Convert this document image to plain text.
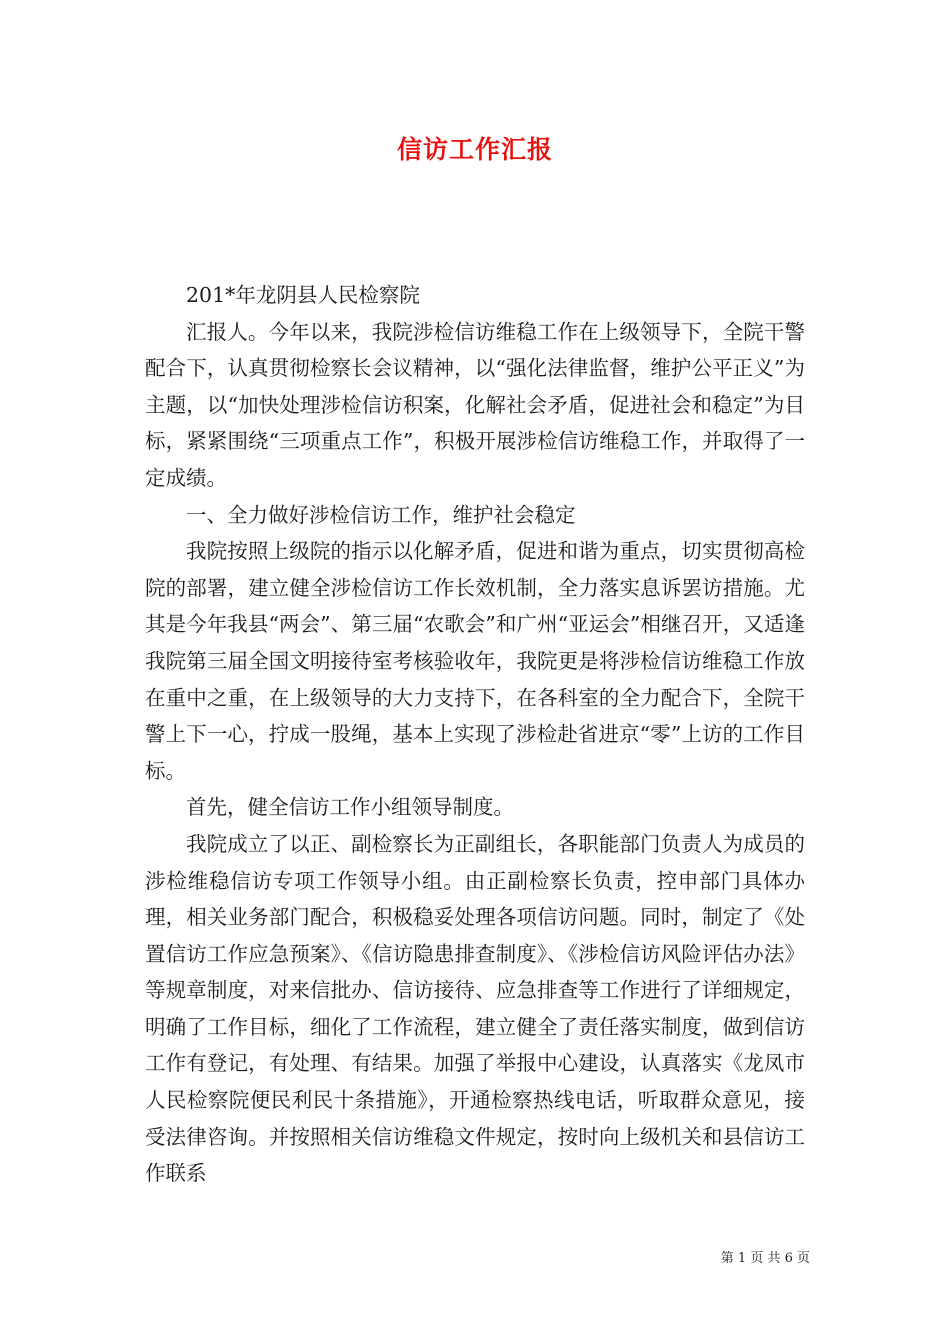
信访工作汇报

201*年龙阴县人民检察院

汇报人。今年以来，我院涉检信访维稳工作在上级领导下，全院干警配合下，认真贯彻检察长会议精神，以“强化法律监督，维护公平正义”为主题，以“加快处理涉检信访积案，化解社会矛盾，促进社会和稳定”为目标，紧紧围绕“三项重点工作”，积极开展涉检信访维稳工作，并取得了一定成绩。

一、全力做好涉检信访工作，维护社会稳定

我院按照上级院的指示以化解矛盾，促进和谐为重点，切实贯彻高检院的部署，建立健全涉检信访工作长效机制，全力落实息诉罢访措施。尤其是今年我县“两会”、第三届“农歌会”和广州“亚运会”相继召开，又适逢我院第三届全国文明接待室考核验收年，我院更是将涉检信访维稳工作放在重中之重，在上级领导的大力支持下，在各科室的全力配合下，全院干警上下一心，拧成一股绳，基本上实现了涉检赴省进京“零”上访的工作目标。

首先，健全信访工作小组领导制度。

我院成立了以正、副检察长为正副组长，各职能部门负责人为成员的涉检维稳信访专项工作领导小组。由正副检察长负责，控申部门具体办理，相关业务部门配合，积极稳妥处理各项信访问题。同时，制定了《处置信访工作应急预案》、《信访隐患排查制度》、《涉检信访风险评估办法》等规章制度，对来信批办、信访接待、应急排查等工作进行了详细规定，明确了工作目标，细化了工作流程，建立健全了责任落实制度，做到信访工作有登记，有处理、有结果。加强了举报中心建设，认真落实《龙凤市人民检察院便民利民十条措施》，开通检察热线电话，听取群众意见，接受法律咨询。并按照相关信访维稳文件规定，按时向上级机关和县信访工作联系

第 1 页 共 6 页
